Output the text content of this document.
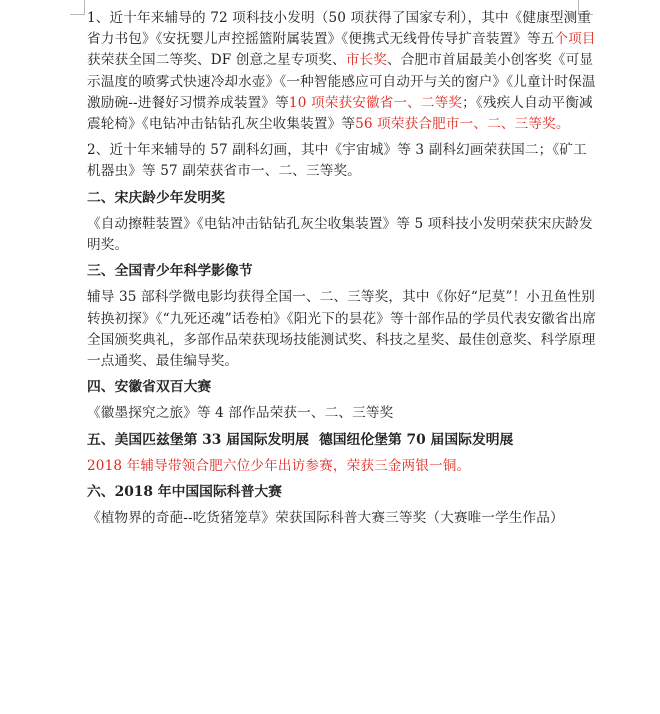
1、近十年来辅导的 72 项科技小发明（50 项获得了国家专利），其中《健康型测重省力书包》《安抚婴儿声控摇篮附属装置》《便携式无线骨传导扩音装置》等五个项目获荣获全国二等奖、DF 创意之星专项奖、市长奖、合肥市首届最美小创客奖《可显示温度的喷雾式快速冷却水壶》《一种智能感应可自动开与关的窗户》《儿童计时保温激励碗--进餐好习惯养成装置》等10 项荣获安徽省一、二等奖；《残疾人自动平衡减震轮椅》《电钻冲击钻钻孔灰尘收集装置》等56 项荣获合肥市一、二、三等奖。

2、近十年来辅导的 57 副科幻画，其中《宇宙城》等 3 副科幻画荣获国二；《矿工机器虫》等 57 副荣获省市一、二、三等奖。

二、宋庆龄少年发明奖

《自动擦鞋装置》《电钻冲击钻钻孔灰尘收集装置》等 5 项科技小发明荣获宋庆龄发明奖。

三、全国青少年科学影像节

辅导 35 部科学微电影均获得全国一、二、三等奖，其中《你好“尼莫”！小丑鱼性别转换初探》《“九死还魂”话卷柏》《阳光下的昙花》等十部作品的学员代表安徽省出席全国颁奖典礼，多部作品荣获现场技能测试奖、科技之星奖、最佳创意奖、科学原理一点通奖、最佳编导奖。

四、安徽省双百大赛

《徽墨探究之旅》等 4 部作品荣获一、二、三等奖

五、美国匹兹堡第 33 届国际发明展 德国纽伦堡第 70 届国际发明展

2018 年辅导带领合肥六位少年出访参赛，荣获三金两银一铜。

六、2018 年中国国际科普大赛

《植物界的奇葩--吃货猪笼草》荣获国际科普大赛三等奖（大赛唯一学生作品）
